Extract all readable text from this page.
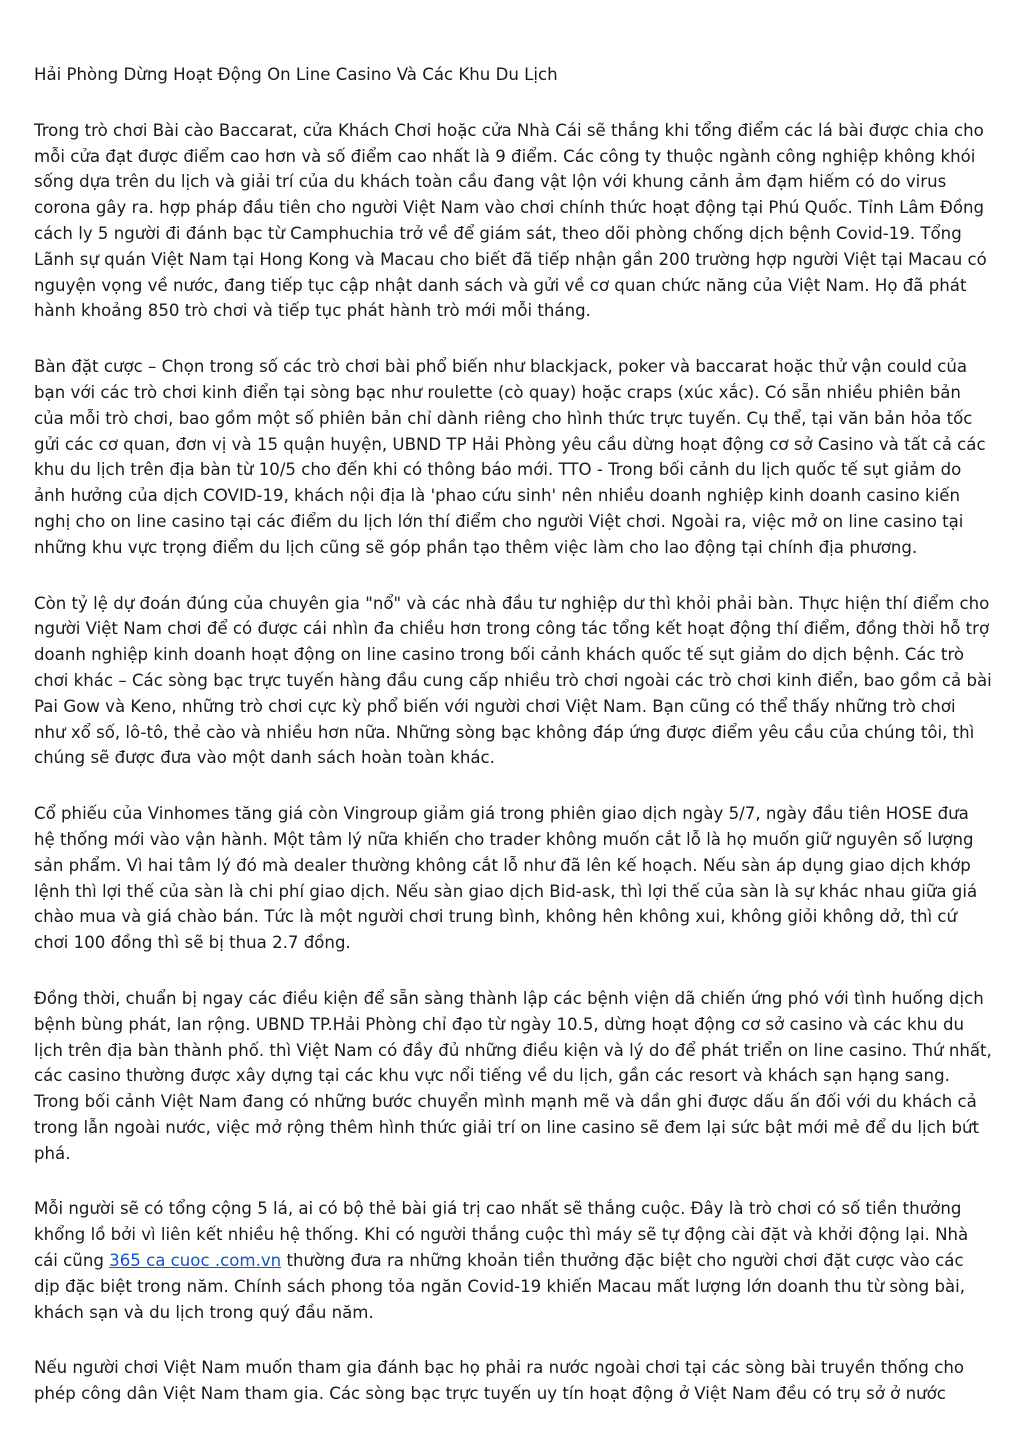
Hải Phòng Dừng Hoạt Động On Line Casino Và Các Khu Du Lịch

Trong trò chơi Bài cào Baccarat, cửa Khách Chơi hoặc cửa Nhà Cái sẽ thắng khi tổng điểm các lá bài được chia cho mỗi cửa đạt được điểm cao hơn và số điểm cao nhất là 9 điểm. Các công ty thuộc ngành công nghiệp không khói sống dựa trên du lịch và giải trí của du khách toàn cầu đang vật lộn với khung cảnh ảm đạm hiếm có do virus corona gây ra. hợp pháp đầu tiên cho người Việt Nam vào chơi chính thức hoạt động tại Phú Quốc. Tỉnh Lâm Đồng cách ly 5 người đi đánh bạc từ Camphuchia trở về để giám sát, theo dõi phòng chống dịch bệnh Covid-19. Tổng Lãnh sự quán Việt Nam tại Hong Kong và Macau cho biết đã tiếp nhận gần 200 trường hợp người Việt tại Macau có nguyện vọng về nước, đang tiếp tục cập nhật danh sách và gửi về cơ quan chức năng của Việt Nam. Họ đã phát hành khoảng 850 trò chơi và tiếp tục phát hành trò mới mỗi tháng.

Bàn đặt cược – Chọn trong số các trò chơi bài phổ biến như blackjack, poker và baccarat hoặc thử vận could của bạn với các trò chơi kinh điển tại sòng bạc như roulette (cò quay) hoặc craps (xúc xắc). Có sẵn nhiều phiên bản của mỗi trò chơi, bao gồm một số phiên bản chỉ dành riêng cho hình thức trực tuyến. Cụ thể, tại văn bản hỏa tốc gửi các cơ quan, đơn vị và 15 quận huyện, UBND TP Hải Phòng yêu cầu dừng hoạt động cơ sở Casino và tất cả các khu du lịch trên địa bàn từ 10/5 cho đến khi có thông báo mới. TTO - Trong bối cảnh du lịch quốc tế sụt giảm do ảnh hưởng của dịch COVID-19, khách nội địa là 'phao cứu sinh' nên nhiều doanh nghiệp kinh doanh casino kiến nghị cho on line casino tại các điểm du lịch lớn thí điểm cho người Việt chơi. Ngoài ra, việc mở on line casino tại những khu vực trọng điểm du lịch cũng sẽ góp phần tạo thêm việc làm cho lao động tại chính địa phương.

Còn tỷ lệ dự đoán đúng của chuyên gia "nổ" và các nhà đầu tư nghiệp dư thì khỏi phải bàn. Thực hiện thí điểm cho người Việt Nam chơi để có được cái nhìn đa chiều hơn trong công tác tổng kết hoạt động thí điểm, đồng thời hỗ trợ doanh nghiệp kinh doanh hoạt động on line casino trong bối cảnh khách quốc tế sụt giảm do dịch bệnh. Các trò chơi khác – Các sòng bạc trực tuyến hàng đầu cung cấp nhiều trò chơi ngoài các trò chơi kinh điển, bao gồm cả bài Pai Gow và Keno, những trò chơi cực kỳ phổ biến với người chơi Việt Nam. Bạn cũng có thể thấy những trò chơi như xổ số, lô-tô, thẻ cào và nhiều hơn nữa. Những sòng bạc không đáp ứng được điểm yêu cầu của chúng tôi, thì chúng sẽ được đưa vào một danh sách hoàn toàn khác.

Cổ phiếu của Vinhomes tăng giá còn Vingroup giảm giá trong phiên giao dịch ngày 5/7, ngày đầu tiên HOSE đưa hệ thống mới vào vận hành. Một tâm lý nữa khiến cho trader không muốn cắt lỗ là họ muốn giữ nguyên số lượng sản phẩm. Vì hai tâm lý đó mà dealer thường không cắt lỗ như đã lên kế hoạch. Nếu sàn áp dụng giao dịch khớp lệnh thì lợi thế của sàn là chi phí giao dịch. Nếu sàn giao dịch Bid-ask, thì lợi thế của sàn là sự khác nhau giữa giá chào mua và giá chào bán. Tức là một người chơi trung bình, không hên không xui, không giỏi không dở, thì cứ chơi 100 đồng thì sẽ bị thua 2.7 đồng.

Đồng thời, chuẩn bị ngay các điều kiện để sẵn sàng thành lập các bệnh viện dã chiến ứng phó với tình huống dịch bệnh bùng phát, lan rộng. UBND TP.Hải Phòng chỉ đạo từ ngày 10.5, dừng hoạt động cơ sở casino và các khu du lịch trên địa bàn thành phố. thì Việt Nam có đầy đủ những điều kiện và lý do để phát triển on line casino. Thứ nhất, các casino thường được xây dựng tại các khu vực nổi tiếng về du lịch, gần các resort và khách sạn hạng sang. Trong bối cảnh Việt Nam đang có những bước chuyển mình mạnh mẽ và dần ghi được dấu ấn đối với du khách cả trong lẫn ngoài nước, việc mở rộng thêm hình thức giải trí on line casino sẽ đem lại sức bật mới mẻ để du lịch bứt phá.

Mỗi người sẽ có tổng cộng 5 lá, ai có bộ thẻ bài giá trị cao nhất sẽ thắng cuộc. Đây là trò chơi có số tiền thưởng khổng lồ bởi vì liên kết nhiều hệ thống. Khi có người thắng cuộc thì máy sẽ tự động cài đặt và khởi động lại. Nhà cái cũng 365 ca cuoc .com.vn thường đưa ra những khoản tiền thưởng đặc biệt cho người chơi đặt cược vào các dịp đặc biệt trong năm. Chính sách phong tỏa ngăn Covid-19 khiến Macau mất lượng lớn doanh thu từ sòng bài, khách sạn và du lịch trong quý đầu năm.

Nếu người chơi Việt Nam muốn tham gia đánh bạc họ phải ra nước ngoài chơi tại các sòng bài truyền thống cho phép công dân Việt Nam tham gia. Các sòng bạc trực tuyến uy tín hoạt động ở Việt Nam đều có trụ sở ở nước
